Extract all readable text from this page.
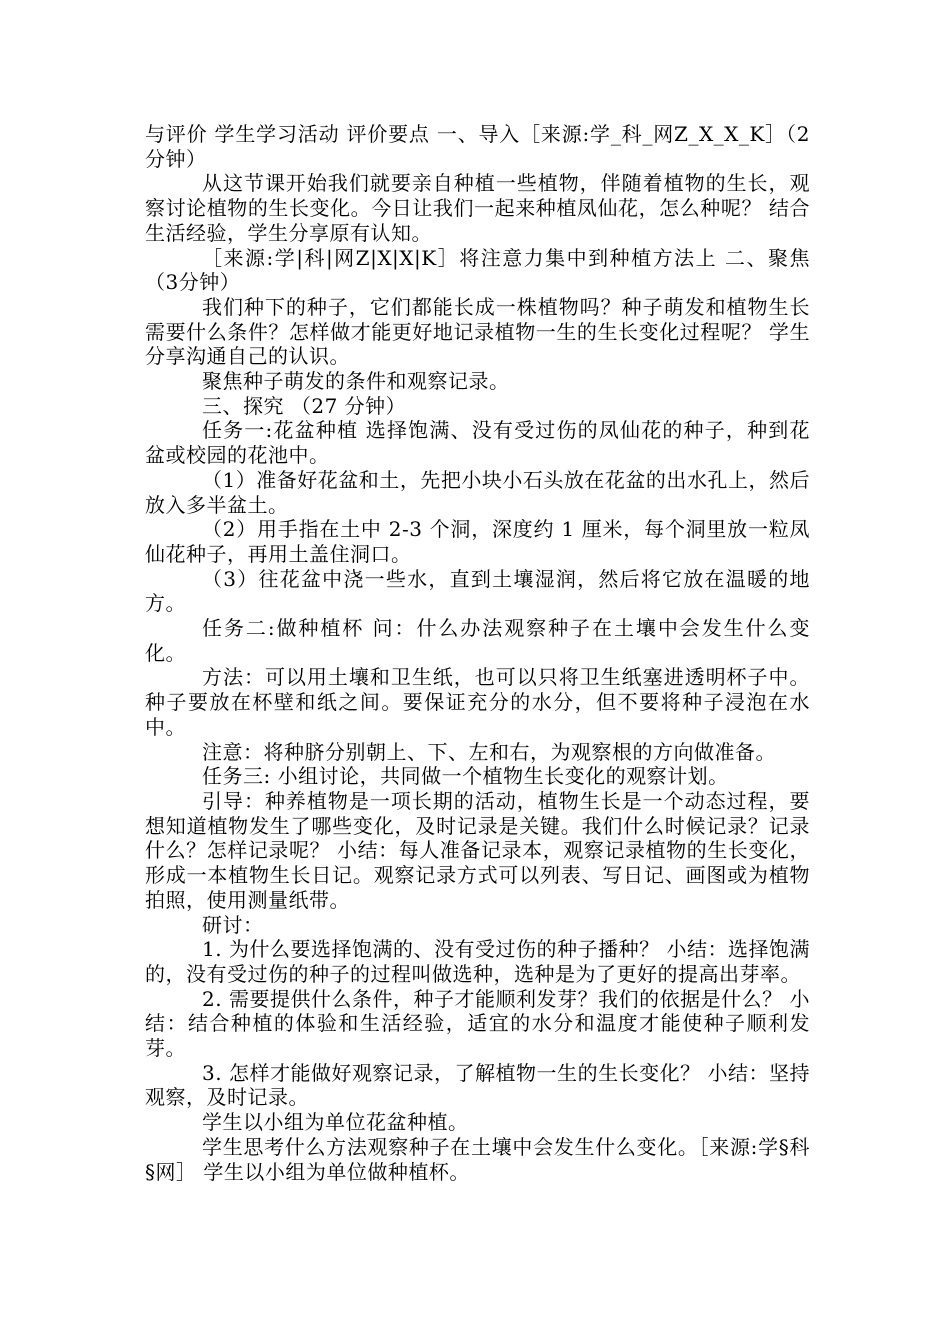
与评价 学生学习活动 评价要点 一、导入［来源:学_科_网Z_X_X_K］（2 分钟）

从这节课开始我们就要亲自种植一些植物，伴随着植物的生长，观察讨论植物的生长变化。今日让我们一起来种植凤仙花，怎么种呢？ 结合生活经验，学生分享原有认知。

［来源:学|科|网Z|X|X|K］将注意力集中到种植方法上 二、聚焦 （3分钟）

我们种下的种子，它们都能长成一株植物吗？种子萌发和植物生长需要什么条件？怎样做才能更好地记录植物一生的生长变化过程呢？ 学生分享沟通自己的认识。

聚焦种子萌发的条件和观察记录。

三、探究 （27 分钟）

任务一:花盆种植 选择饱满、没有受过伤的凤仙花的种子，种到花盆或校园的花池中。

（1）准备好花盆和土，先把小块小石头放在花盆的出水孔上，然后放入多半盆土。

（2）用手指在土中 2-3 个洞，深度约 1 厘米，每个洞里放一粒凤仙花种子，再用土盖住洞口。

（3）往花盆中浇一些水，直到土壤湿润，然后将它放在温暖的地方。

任务二:做种植杯 问：什么办法观察种子在土壤中会发生什么变化。

方法：可以用土壤和卫生纸，也可以只将卫生纸塞进透明杯子中。种子要放在杯壁和纸之间。要保证充分的水分，但不要将种子浸泡在水中。

注意：将种脐分别朝上、下、左和右，为观察根的方向做准备。

任务三: 小组讨论，共同做一个植物生长变化的观察计划。

引导：种养植物是一项长期的活动，植物生长是一个动态过程，要想知道植物发生了哪些变化，及时记录是关键。我们什么时候记录？记录什么？怎样记录呢？ 小结：每人准备记录本，观察记录植物的生长变化，形成一本植物生长日记。观察记录方式可以列表、写日记、画图或为植物拍照，使用测量纸带。

研讨：

1. 为什么要选择饱满的、没有受过伤的种子播种？ 小结：选择饱满的，没有受过伤的种子的过程叫做选种，选种是为了更好的提高出芽率。

2. 需要提供什么条件，种子才能顺利发芽？我们的依据是什么？ 小结：结合种植的体验和生活经验，适宜的水分和温度才能使种子顺利发芽。

3. 怎样才能做好观察记录，了解植物一生的生长变化？ 小结：坚持观察，及时记录。

学生以小组为单位花盆种植。

学生思考什么方法观察种子在土壤中会发生什么变化。［来源:学§科§网］ 学生以小组为单位做种植杯。
